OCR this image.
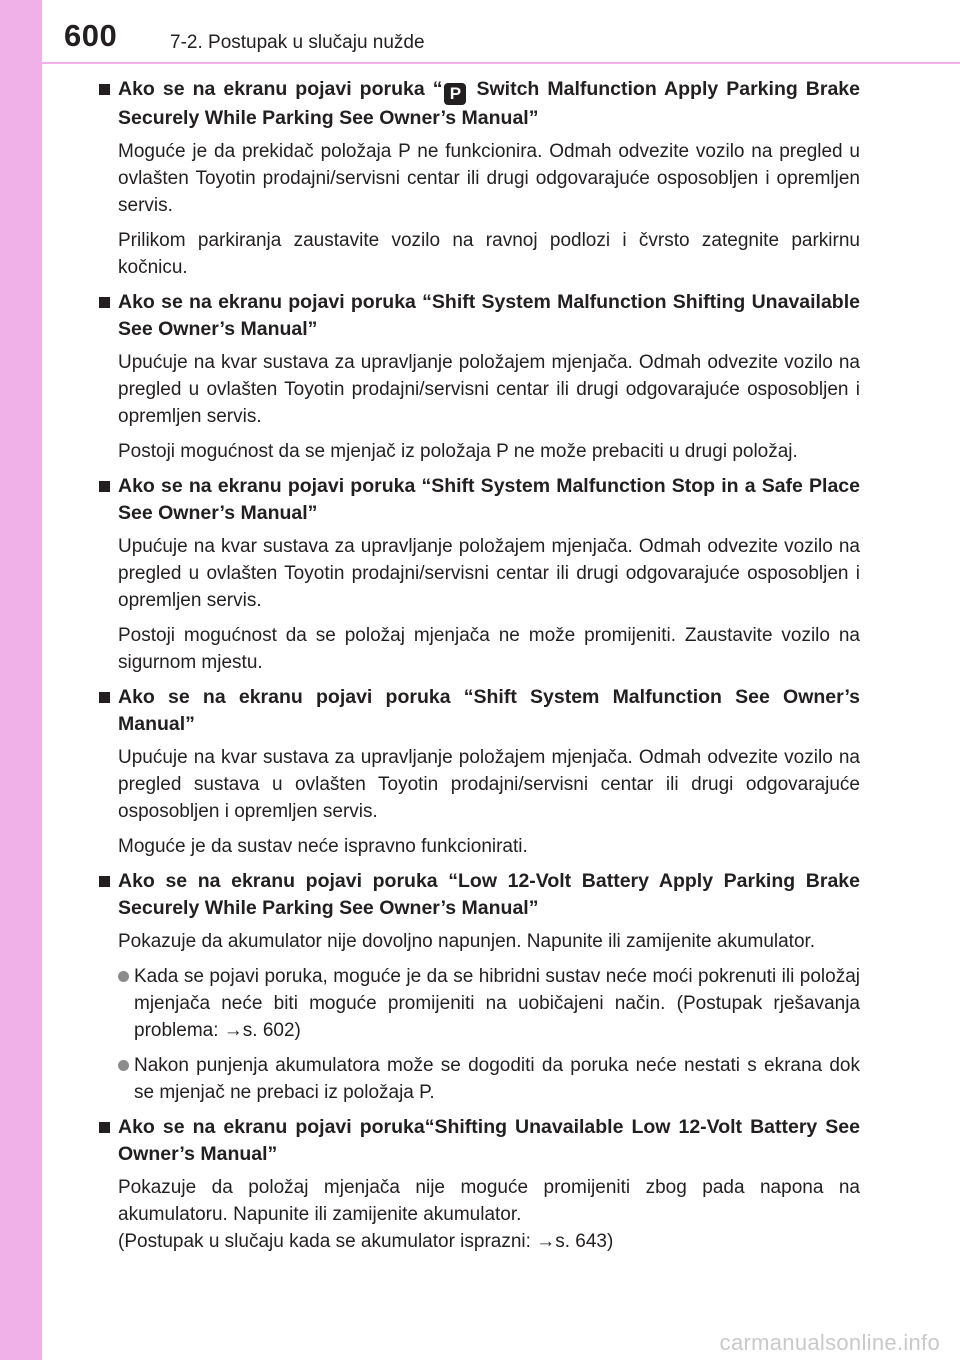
600	7-2. Postupak u slučaju nužde
Ako se na ekranu pojavi poruka “ P Switch Malfunction Apply Parking Brake Securely While Parking See Owner’s Manual”

Moguće je da prekidač položaja P ne funkcionira. Odmah odvezite vozilo na pregled u ovlašten Toyotin prodajni/servisni centar ili drugi odgovarajuće osposobljen i opremljen servis.

Prilikom parkiranja zaustavite vozilo na ravnoj podlozi i čvrsto zategnite parkirnu kočnicu.

Ako se na ekranu pojavi poruka “Shift System Malfunction Shifting Unavailable See Owner’s Manual”

Upućuje na kvar sustava za upravljanje položajem mjenjača. Odmah odvezite vozilo na pregled u ovlašten Toyotin prodajni/servisni centar ili drugi odgovarajuće osposobljen i opremljen servis.

Postoji mogućnost da se mjenjač iz položaja P ne može prebaciti u drugi položaj.

Ako se na ekranu pojavi poruka “Shift System Malfunction Stop in a Safe Place See Owner’s Manual”

Upućuje na kvar sustava za upravljanje položajem mjenjača. Odmah odvezite vozilo na pregled u ovlašten Toyotin prodajni/servisni centar ili drugi odgovarajuće osposobljen i opremljen servis.

Postoji mogućnost da se položaj mjenjača ne može promijeniti. Zaustavite vozilo na sigurnom mjestu.

Ako se na ekranu pojavi poruka “Shift System Malfunction See Owner’s Manual”

Upućuje na kvar sustava za upravljanje položajem mjenjača. Odmah odvezite vozilo na pregled sustava u ovlašten Toyotin prodajni/servisni centar ili drugi odgovarajuće osposobljen i opremljen servis.

Moguće je da sustav neće ispravno funkcionirati.

Ako se na ekranu pojavi poruka “Low 12-Volt Battery Apply Parking Brake Securely While Parking See Owner’s Manual”

Pokazuje da akumulator nije dovoljno napunjen. Napunite ili zamijenite akumulator.

Kada se pojavi poruka, moguće je da se hibridni sustav neće moći pokrenuti ili položaj mjenjača neće biti moguće promijeniti na uobičajeni način. (Postupak rješavanja problema: →s. 602)
Nakon punjenja akumulatora može se dogoditi da poruka neće nestati s ekrana dok se mjenjač ne prebaci iz položaja P.
Ako se na ekranu pojavi poruka“Shifting Unavailable Low 12-Volt Battery See Owner’s Manual”

Pokazuje da položaj mjenjača nije moguće promijeniti zbog pada napona na akumulatoru. Napunite ili zamijenite akumulator.
(Postupak u slučaju kada se akumulator isprazni: →s. 643)

carmanualsonline.info
